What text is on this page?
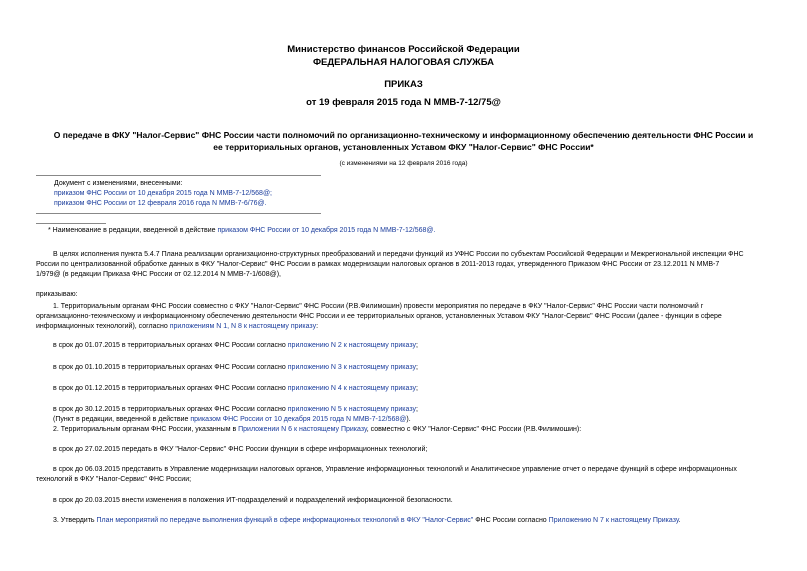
Министерство финансов Российской Федерации
ФЕДЕРАЛЬНАЯ НАЛОГОВАЯ СЛУЖБА
ПРИКАЗ
от 19 февраля 2015 года N ММВ-7-12/75@
О передаче в ФКУ "Налог-Сервис" ФНС России части полномочий по организационно-техническому и информационному обеспечению деятельности ФНС России и
ее территориальных органов, установленных Уставом ФКУ "Налог-Сервис" ФНС России*
(с изменениями на 12 февраля 2016 года)
Документ с изменениями, внесенными:
приказом ФНС России от 10 декабря 2015 года N ММВ-7-12/568@;
приказом ФНС России от 12 февраля 2016 года N ММВ-7-6/76@.
* Наименование в редакции, введенной в действие приказом ФНС России от 10 декабря 2015 года N ММВ-7-12/568@.
В целях исполнения пункта 5.4.7 Плана реализации организационно-структурных преобразований и передачи функций из УФНС России по субъектам Российской Федерации и Межрегиональной инспекции ФНС
России по централизованной обработке данных в ФКУ "Налог-Сервис" ФНС России в рамках модернизации налоговых органов в 2011-2013 годах, утвержденного Приказом ФНС России от 23.12.2011 N ММВ-7
1/979@ (в редакции Приказа ФНС России от 02.12.2014 N ММВ-7-1/608@),
приказываю:
1. Территориальным органам ФНС России совместно с ФКУ "Налог-Сервис" ФНС России (Р.В.Филимошин) провести мероприятия по передаче в ФКУ "Налог-Сервис" ФНС России части полномочий г
организационно-техническому и информационному обеспечению деятельности ФНС России и ее территориальных органов, установленных Уставом ФКУ "Налог-Сервис" ФНС России (далее - функции в сфере
информационных технологий), согласно приложениям N 1, N 8 к настоящему приказу:
в срок до 01.07.2015 в территориальных органах ФНС России согласно приложению N 2 к настоящему приказу;
в срок до 01.10.2015 в территориальных органах ФНС России согласно приложению N 3 к настоящему приказу;
в срок до 01.12.2015 в территориальных органах ФНС России согласно приложению N 4 к настоящему приказу;
в срок до 30.12.2015 в территориальных органах ФНС России согласно приложению N 5 к настоящему приказу;
(Пункт в редакции, введенной в действие приказом ФНС России от 10 декабря 2015 года N ММВ-7-12/568@).
2. Территориальным органам ФНС России, указанным в Приложении N 6 к настоящему Приказу, совместно с ФКУ "Налог-Сервис" ФНС России (Р.В.Филимошин):
в срок до 27.02.2015 передать в ФКУ "Налог-Сервис" ФНС России функции в сфере информационных технологий;
в срок до 06.03.2015 представить в Управление модернизации налоговых органов, Управление информационных технологий и Аналитическое управление отчет о передаче функций в сфере информационных
технологий в ФКУ "Налог-Сервис" ФНС России;
в срок до 20.03.2015 внести изменения в положения ИТ-подразделений и подразделений информационной безопасности.
3. Утвердить План мероприятий по передаче выполнения функций в сфере информационных технологий в ФКУ "Налог-Сервис" ФНС России согласно Приложению N 7 к настоящему Приказу.
